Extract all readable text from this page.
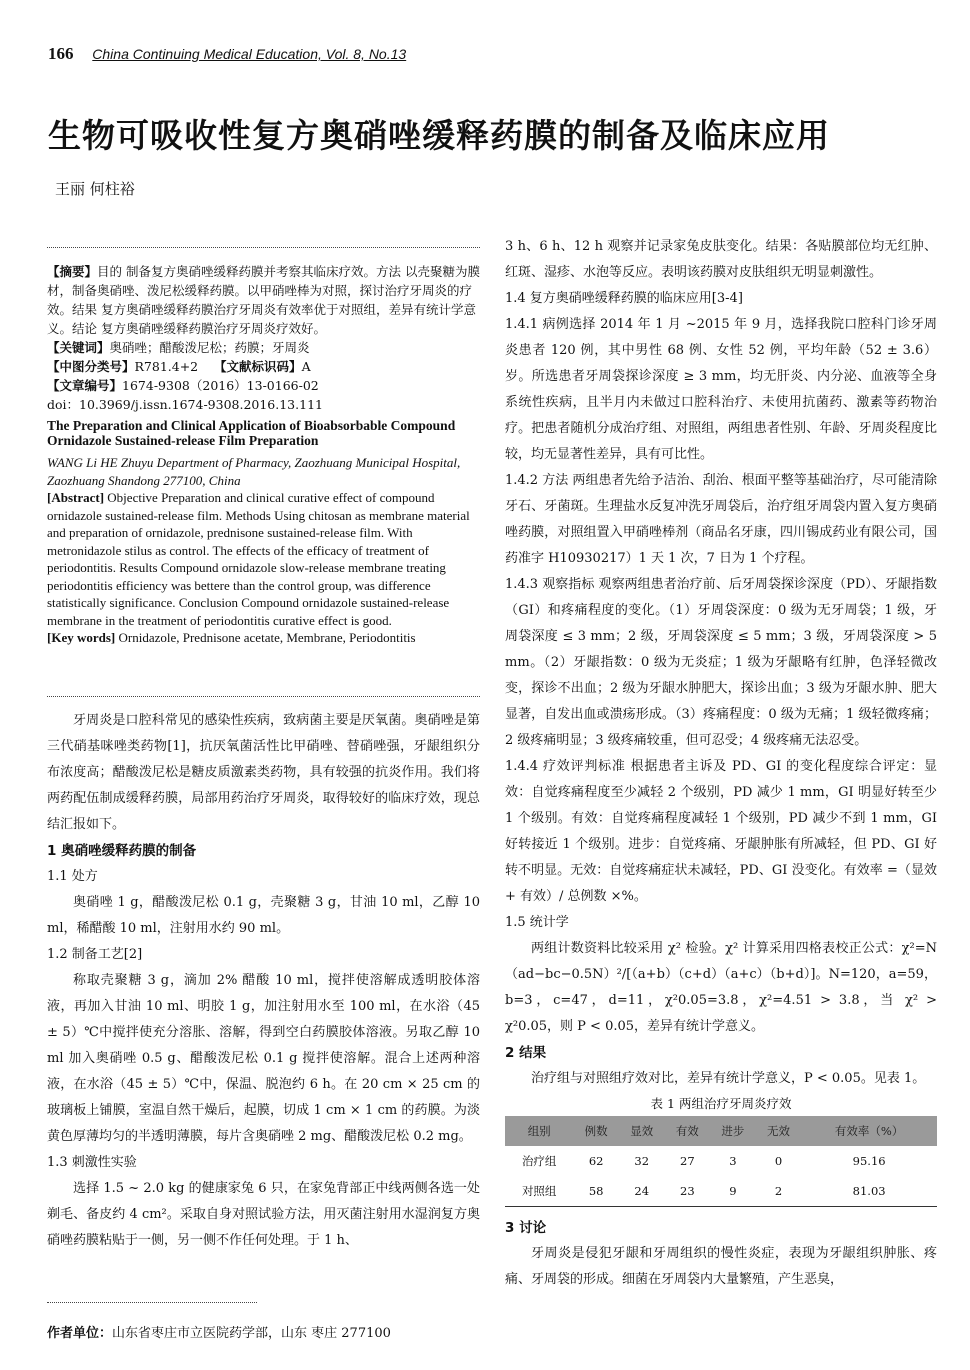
166 China Continuing Medical Education, Vol. 8, No.13
生物可吸收性复方奥硝唑缓释药膜的制备及临床应用
王丽 何柱裕
【摘要】目的 制备复方奥硝唑缓释药膜并考察其临床疗效。方法 以壳聚糖为膜材，制备奥硝唑、泼尼松缓释药膜。以甲硝唑棒为对照，探讨治疗牙周炎的疗效。结果 复方奥硝唑缓释药膜治疗牙周炎有效率优于对照组，差异有统计学意义。结论 复方奥硝唑缓释药膜治疗牙周炎疗效好。
【关键词】奥硝唑；醋酸泼尼松；药膜；牙周炎
【中图分类号】R781.4+2 【文献标识码】A
【文章编号】1674-9308（2016）13-0166-02
doi：10.3969/j.issn.1674-9308.2016.13.111
The Preparation and Clinical Application of Bioabsorbable Compound Ornidazole Sustained-release Film Preparation
WANG Li HE Zhuyu Department of Pharmacy, Zaozhuang Municipal Hospital, Zaozhuang Shandong 277100, China
[Abstract] Objective Preparation and clinical curative effect of compound ornidazole sustained-release film. Methods Using chitosan as membrane material and preparation of ornidazole, prednisone sustained-release film. With metronidazole stilus as control. The effects of the efficacy of treatment of periodontitis. Results Compound ornidazole slow-release membrane treating periodontitis efficiency was bettere than the control group, was difference statistically significance. Conclusion Compound ornidazole sustained-release membrane in the treatment of periodontitis curative effect is good.
[Key words] Ornidazole, Prednisone acetate, Membrane, Periodontitis

牙周炎是口腔科常见的感染性疾病，致病菌主要是厌氧菌。奥硝唑是第三代硝基咪唑类药物[1]，抗厌氧菌活性比甲硝唑、替硝唑强，牙龈组织分布浓度高；醋酸泼尼松是糖皮质激素类药物，具有较强的抗炎作用。我们将两药配伍制成缓释药膜，局部用药治疗牙周炎，取得较好的临床疗效，现总结汇报如下。

1 奥硝唑缓释药膜的制备
1.1 处方

奥硝唑 1 g，醋酸泼尼松 0.1 g，壳聚糖 3 g，甘油 10 ml，乙醇 10 ml，稀醋酸 10 ml，注射用水约 90 ml。

1.2 制备工艺[2]

称取壳聚糖 3 g，滴加 2% 醋酸 10 ml，搅拌使溶解成透明胶体溶液，再加入甘油 10 ml、明胶 1 g，加注射用水至 100 ml，在水浴（45 ± 5）℃中搅拌使充分溶胀、溶解，得到空白药膜胶体溶液。另取乙醇 10 ml 加入奥硝唑 0.5 g、醋酸泼尼松 0.1 g 搅拌使溶解。混合上述两种溶液，在水浴（45 ± 5）℃中，保温、脱泡约 6 h。在 20 cm × 25 cm 的玻璃板上铺膜，室温自然干燥后，起膜，切成 1 cm × 1 cm 的药膜。为淡黄色厚薄均匀的半透明薄膜，每片含奥硝唑 2 mg、醋酸泼尼松 0.2 mg。

1.3 刺激性实验

选择 1.5 ~ 2.0 kg 的健康家兔 6 只，在家兔背部正中线两侧各选一处剃毛、备皮约 4 cm²。采取自身对照试验方法，用灭菌注射用水湿润复方奥硝唑药膜粘贴于一侧，另一侧不作任何处理。于 1 h、

作者单位：山东省枣庄市立医院药学部，山东 枣庄 277100
3 h、6 h、12 h 观察并记录家兔皮肤变化。结果：各贴膜部位均无红肿、红斑、湿疹、水泡等反应。表明该药膜对皮肤组织无明显刺激性。
1.4 复方奥硝唑缓释药膜的临床应用[3-4]
1.4.1 病例选择 2014 年 1 月 ~2015 年 9 月，选择我院口腔科门诊牙周炎患者 120 例，其中男性 68 例、女性 52 例，平均年龄（52 ± 3.6）岁。所选患者牙周袋探诊深度 ≥ 3 mm，均无肝炎、内分泌、血液等全身系统性疾病，且半月内未做过口腔科治疗、未使用抗菌药、激素等药物治疗。把患者随机分成治疗组、对照组，两组患者性别、年龄、牙周炎程度比较，均无显著性差异，具有可比性。
1.4.2 方法 两组患者先给予洁治、刮治、根面平整等基础治疗，尽可能清除牙石、牙菌斑。生理盐水反复冲洗牙周袋后，治疗组牙周袋内置入复方奥硝唑药膜，对照组置入甲硝唑棒剂（商品名牙康，四川锡成药业有限公司，国药准字 H10930217）1 天 1 次，7 日为 1 个疗程。
1.4.3 观察指标 观察两组患者治疗前、后牙周袋探诊深度（PD）、牙龈指数（GI）和疼痛程度的变化。（1）牙周袋深度：0 级为无牙周袋；1 级，牙周袋深度 ≤ 3 mm；2 级，牙周袋深度 ≤ 5 mm；3 级，牙周袋深度 > 5 mm。（2）牙龈指数：0 级为无炎症；1 级为牙龈略有红肿，色泽轻微改变，探诊不出血；2 级为牙龈水肿肥大，探诊出血；3 级为牙龈水肿、肥大显著，自发出血或溃疡形成。（3）疼痛程度：0 级为无痛；1 级轻微疼痛；2 级疼痛明显；3 级疼痛较重，但可忍受；4 级疼痛无法忍受。
1.4.4 疗效评判标准 根据患者主诉及 PD、GI 的变化程度综合评定：显效：自觉疼痛程度至少减轻 2 个级别，PD 减少 1 mm，GI 明显好转至少 1 个级别。有效：自觉疼痛程度减轻 1 个级别，PD 减少不到 1 mm，GI 好转接近 1 个级别。进步：自觉疼痛、牙龈肿胀有所减轻，但 PD、GI 好转不明显。无效：自觉疼痛症状未减轻，PD、GI 没变化。有效率 =（显效 + 有效）/ 总例数 ×%。
1.5 统计学

两组计数资料比较采用 χ² 检验。χ² 计算采用四格表校正公式：χ²=N（ad−bc−0.5N）²/[（a+b）（c+d）（a+c）（b+d）]。N=120，a=59，b=3，c=47，d=11，χ²0.05=3.8，χ²=4.51 > 3.8，当 χ² > χ²0.05，则 P < 0.05，差异有统计学意义。

2 结果

治疗组与对照组疗效对比，差异有统计学意义，P < 0.05。见表 1。

表 1 两组治疗牙周炎疗效
组别	例数	显效	有效	进步	无效	有效率（%）
治疗组	62	32	27	3	0	95.16
对照组	58	24	23	9	2	81.03
3 讨论

牙周炎是侵犯牙龈和牙周组织的慢性炎症，表现为牙龈组织肿胀、疼痛、牙周袋的形成。细菌在牙周袋内大量繁殖，产生恶臭，
